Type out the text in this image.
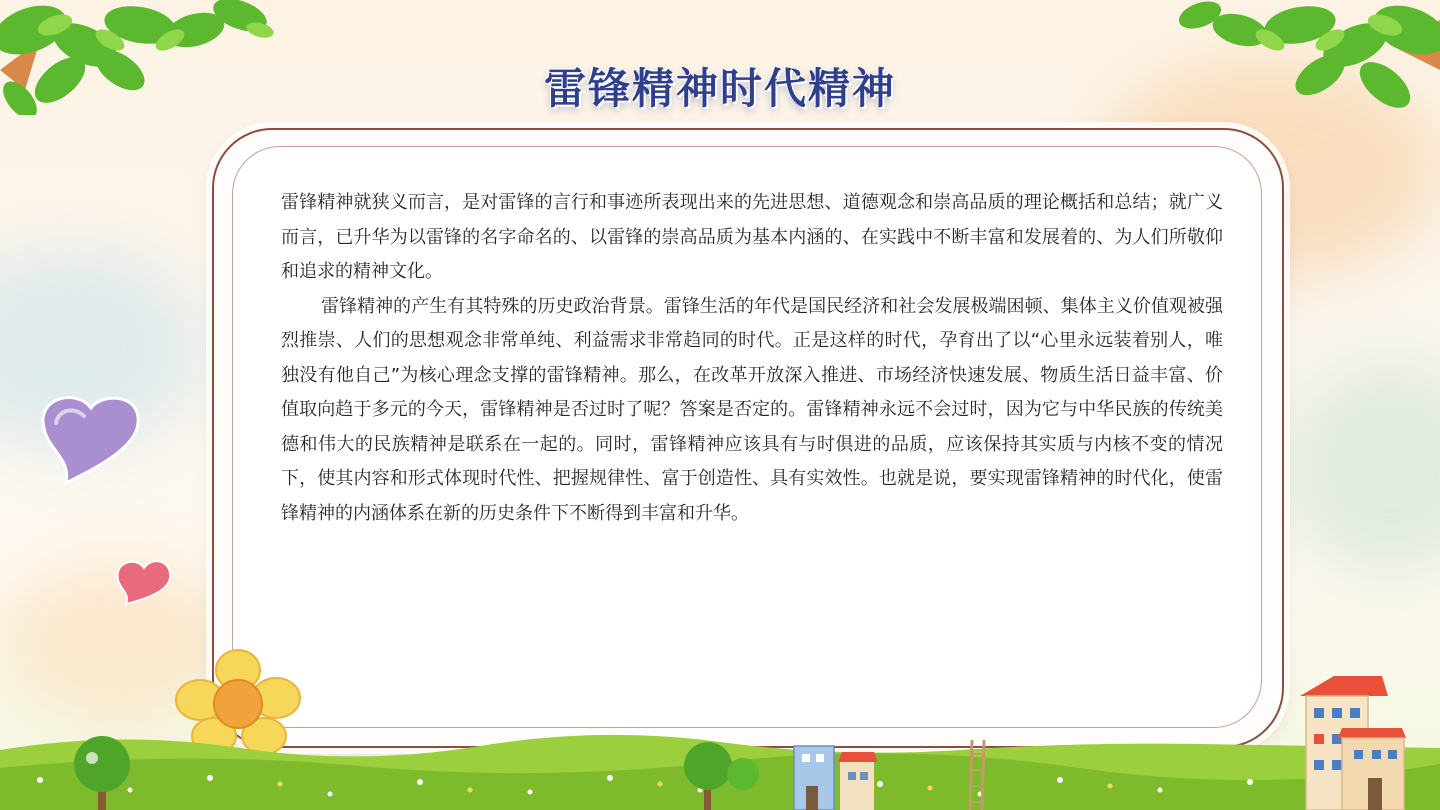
雷锋精神时代精神

雷锋精神就狭义而言，是对雷锋的言行和事迹所表现出来的先进思想、道德观念和崇高品质的理论概括和总结；就广义而言，已升华为以雷锋的名字命名的、以雷锋的崇高品质为基本内涵的、在实践中不断丰富和发展着的、为人们所敬仰和追求的精神文化。

雷锋精神的产生有其特殊的历史政治背景。雷锋生活的年代是国民经济和社会发展极端困顿、集体主义价值观被强烈推崇、人们的思想观念非常单纯、利益需求非常趋同的时代。正是这样的时代，孕育出了以“心里永远装着别人，唯独没有他自己”为核心理念支撑的雷锋精神。那么，在改革开放深入推进、市场经济快速发展、物质生活日益丰富、价值取向趋于多元的今天，雷锋精神是否过时了呢？答案是否定的。雷锋精神永远不会过时，因为它与中华民族的传统美德和伟大的民族精神是联系在一起的。同时，雷锋精神应该具有与时俱进的品质，应该保持其实质与内核不变的情况下，使其内容和形式体现时代性、把握规律性、富于创造性、具有实效性。也就是说，要实现雷锋精神的时代化，使雷锋精神的内涵体系在新的历史条件下不断得到丰富和升华。
